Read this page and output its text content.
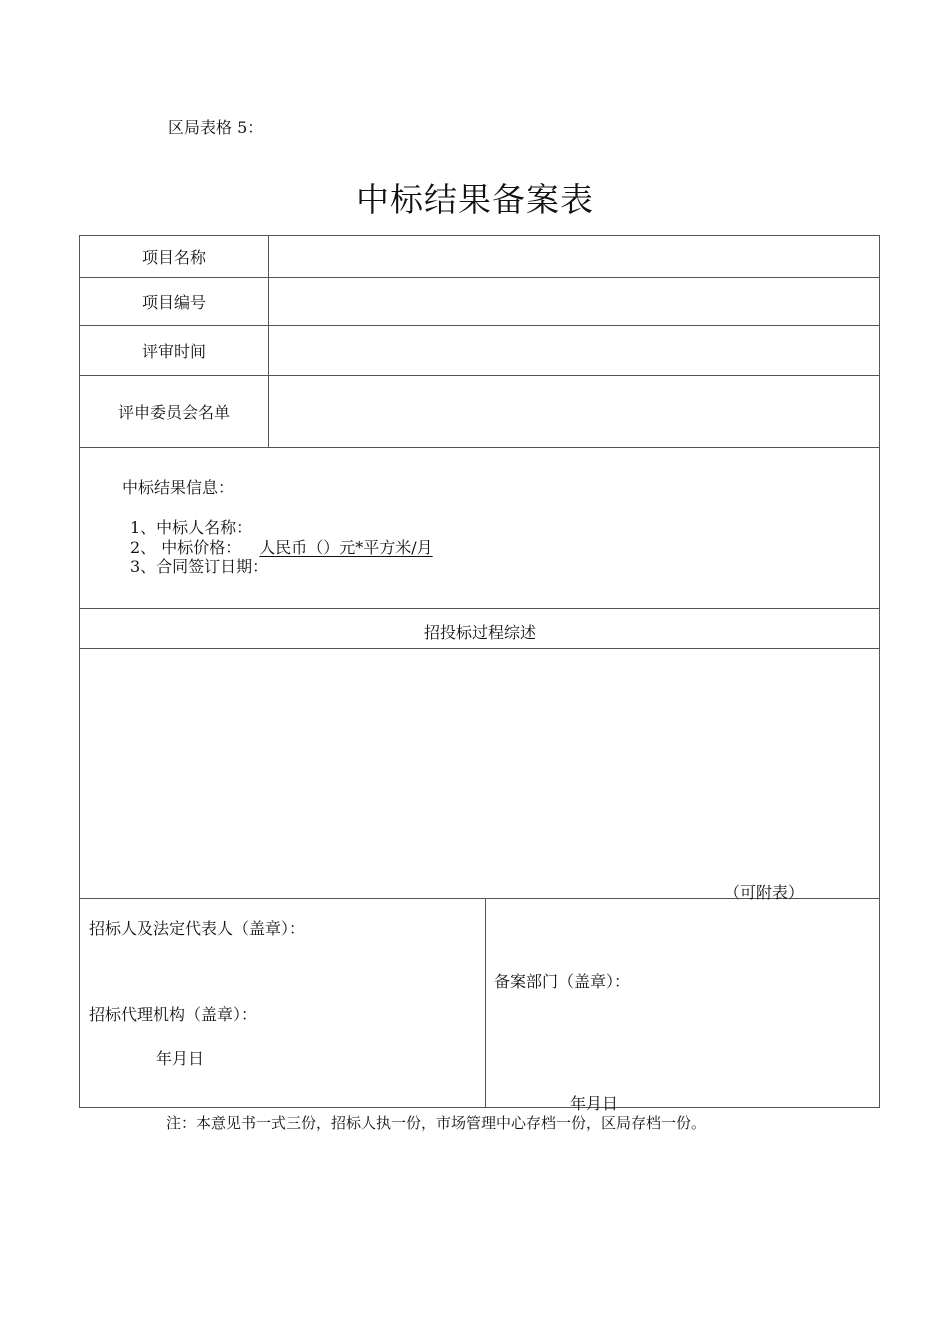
区局表格 5：
中标结果备案表
项目名称
项目编号
评审时间
评申委员会名单
中标结果信息：
1、中标人名称：
2、 中标价格： 人民币（）元*平方米/月
3、合同签订日期：
招投标过程综述
（可附表）
招标人及法定代表人（盖章）：
招标代理机构（盖章）：
年月日
备案部门（盖章）：
年月日
注：本意见书一式三份，招标人执一份，市场管理中心存档一份，区局存档一份。
